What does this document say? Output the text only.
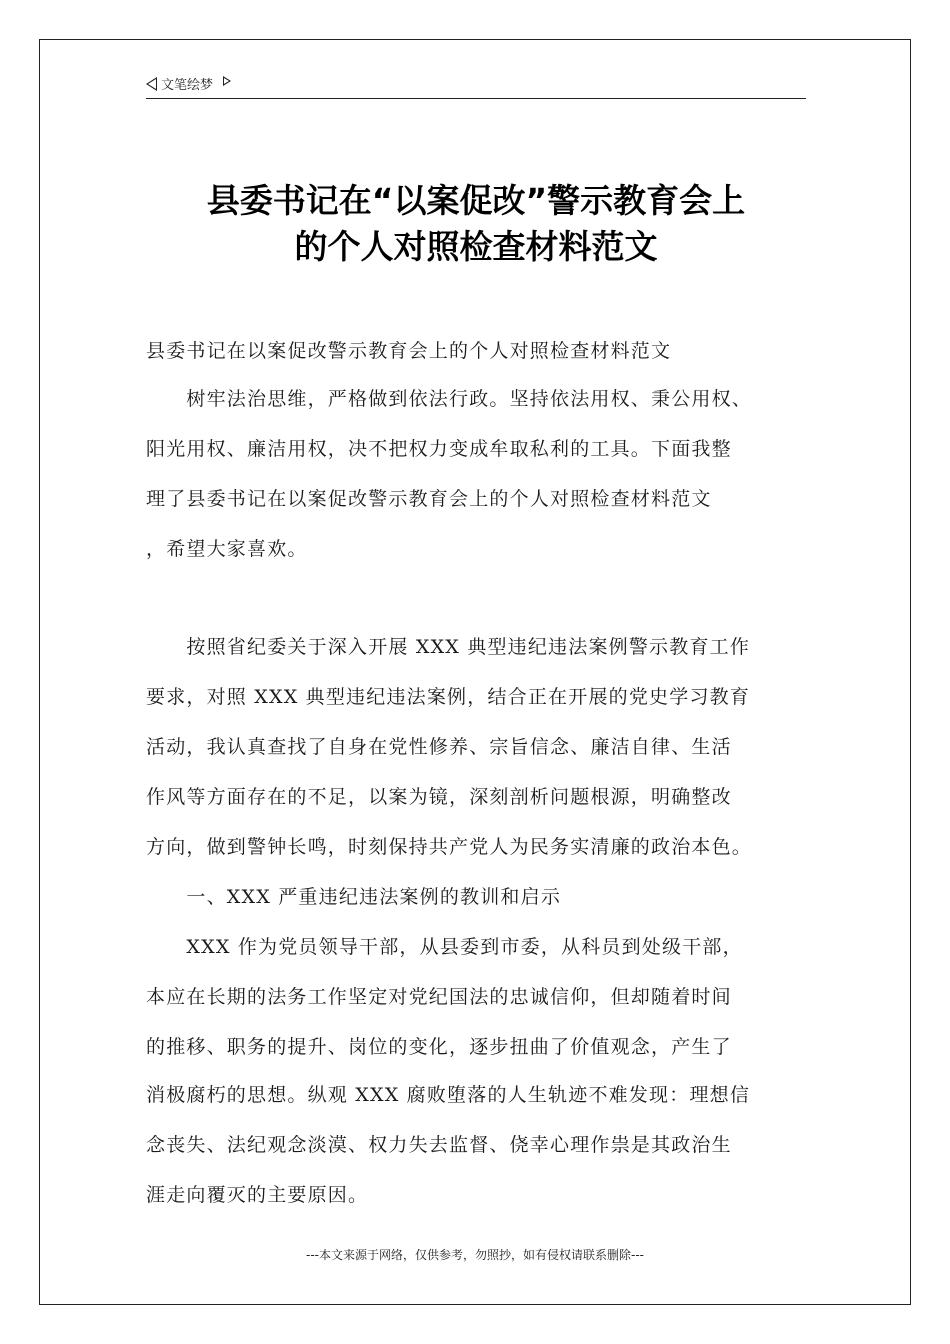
文笔绘梦
县委书记在“以案促改”警示教育会上
的个人对照检查材料范文
县委书记在以案促改警示教育会上的个人对照检查材料范文
　　树牢法治思维，严格做到依法行政。坚持依法用权、秉公用权、
阳光用权、廉洁用权，决不把权力变成牟取私利的工具。下面我整
理了县委书记在以案促改警示教育会上的个人对照检查材料范文
，希望大家喜欢。
　　按照省纪委关于深入开展 XXX 典型违纪违法案例警示教育工作
要求，对照 XXX 典型违纪违法案例，结合正在开展的党史学习教育
活动，我认真查找了自身在党性修养、宗旨信念、廉洁自律、生活
作风等方面存在的不足，以案为镜，深刻剖析问题根源，明确整改
方向，做到警钟长鸣，时刻保持共产党人为民务实清廉的政治本色。
　　一、XXX 严重违纪违法案例的教训和启示
　　XXX 作为党员领导干部，从县委到市委，从科员到处级干部，
本应在长期的法务工作坚定对党纪国法的忠诚信仰，但却随着时间
的推移、职务的提升、岗位的变化，逐步扭曲了价值观念，产生了
消极腐朽的思想。纵观 XXX 腐败堕落的人生轨迹不难发现：理想信
念丧失、法纪观念淡漠、权力失去监督、侥幸心理作祟是其政治生
涯走向覆灭的主要原因。
---本文来源于网络，仅供参考，勿照抄，如有侵权请联系删除---
